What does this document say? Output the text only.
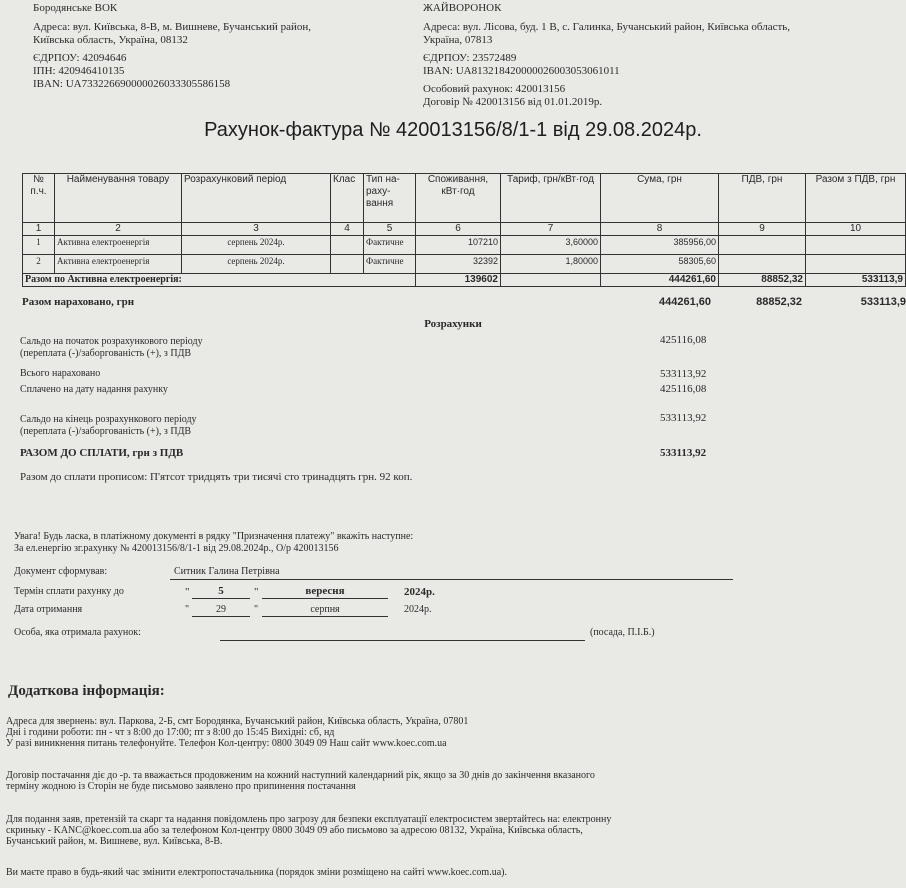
Бородянське ВОК
Адреса: вул. Київська, 8-В, м. Вишневе, Бучанський район,
Київська область, Україна, 08132
ЄДРПОУ: 42094646
ІПН: 420946410135
IBAN: UA733226690000026033305586158
ЖАЙВОРОНОК
Адреса: вул. Лісова, буд. 1 В, с. Галинка, Бучанський район, Київська область,
Україна, 07813
ЄДРПОУ: 23572489
IBAN: UA813218420000026003053061011
Особовий рахунок: 420013156
Договір № 420013156 від 01.01.2019р.
Рахунок-фактура № 420013156/8/1-1 від 29.08.2024р.
№ п.ч.	Найменування товару	Розрахунковий період	Клас	Тип на- раху- вання	Споживання, кВт·год	Тариф, грн/кВт·год	Сума, грн	ПДВ, грн	Разом з ПДВ, грн
1	2	3	4	5	6	7	8	9	10
1	Активна електроенергія	серпень 2024р.		Фактичне	107210	3,60000	385956,00		
2	Активна електроенергія	серпень 2024р.		Фактичне	32392	1,80000	58305,60		
Разом по Активна електроенергія:					139602		444261,60	88852,32	533113,9
Разом нараховано, грн	444261,60	88852,32	533113,9
Розрахунки
Сальдо на початок розрахункового періоду
(переплата (-)/заборгованість (+), з ПДВ
425116,08
Всього нараховано	533113,92
Сплачено на дату надання рахунку	425116,08
Сальдо на кінець розрахункового періоду
(переплата (-)/заборгованість (+), з ПДВ
533113,92
РАЗОМ ДО СПЛАТИ, грн з ПДВ	533113,92
Разом до сплати прописом: П'ятсот тридцять три тисячі сто тринадцять грн. 92 коп.
Увага! Будь ласка, в платіжному документі в рядку "Призначення платежу" вкажіть наступне:
За ел.енергію зг.рахунку № 420013156/8/1-1 від 29.08.2024р., О/р 420013156
Документ сформував:	Ситник Галина Петрівна
Термін сплати рахунку до	"	5	"	вересня	2024р.
Дата отримання	"	29	"	серпня	2024р.
Особа, яка отримала рахунок:	(посада, П.І.Б.)
Додаткова інформація:
Адреса для звернень: вул. Паркова, 2-Б, смт Бородянка, Бучанський район, Київська область, Україна, 07801
Дні і години роботи: пн - чт з 8:00 до 17:00; пт з 8:00 до 15:45 Вихідні: сб, нд
У разі виникнення питань телефонуйте. Телефон Кол-центру: 0800 3049 09 Наш сайт www.koec.com.ua
Договір постачання діє до -р. та вважається продовженим на кожний наступний календарний рік, якщо за 30 днів до закінчення вказаного
терміну жодною із Сторін не буде письмово заявлено про припинення постачання
Для подання заяв, претензій та скарг та надання повідомлень про загрозу для безпеки експлуатації електросистем звертайтесь на: електронну
скриньку - KANC@koec.com.ua або за телефоном Кол-центру 0800 3049 09 або письмово за адресою 08132, Україна, Київська область,
Бучанський район, м. Вишневе, вул. Київська, 8-В.
Ви маєте право в будь-який час змінити електропостачальника (порядок зміни розміщено на сайті www.koec.com.ua).
